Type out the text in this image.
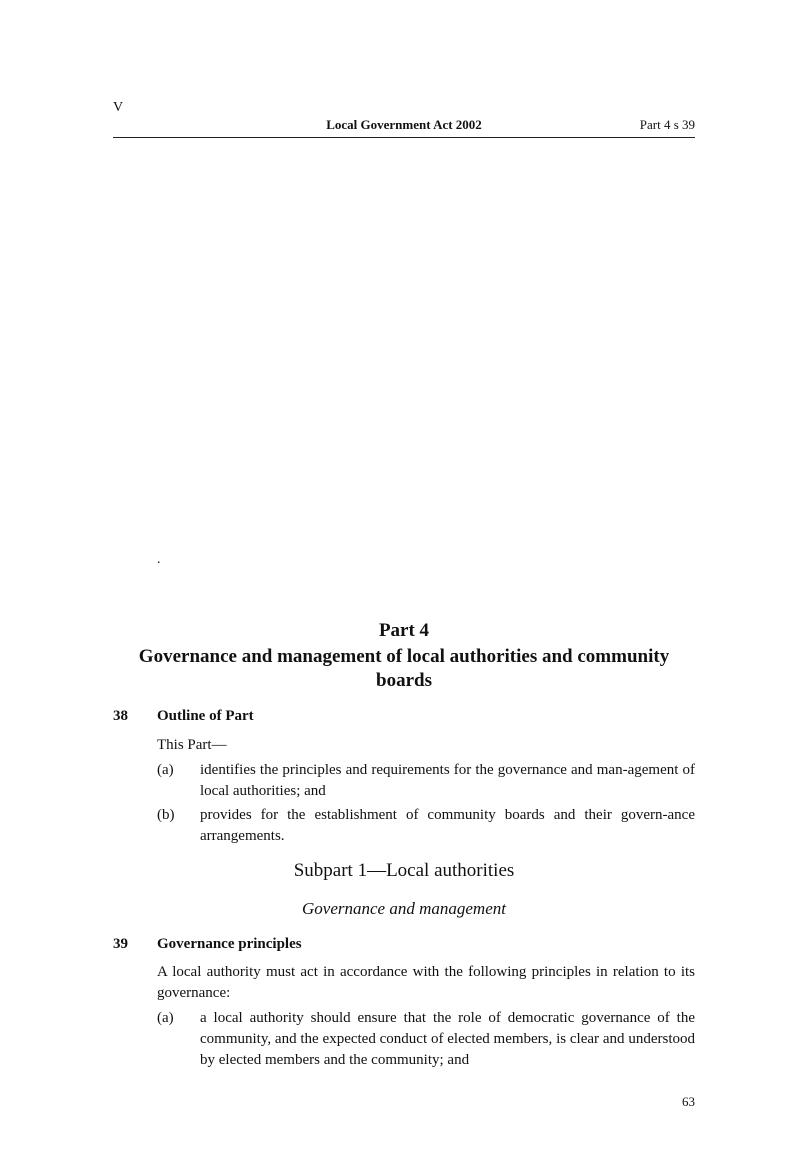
V
Local Government Act 2002	Part 4 s 39
.
Part 4
Governance and management of local authorities and community boards
38 Outline of Part
This Part—
(a) identifies the principles and requirements for the governance and man-agement of local authorities; and
(b) provides for the establishment of community boards and their govern-ance arrangements.
Subpart 1—Local authorities
Governance and management
39 Governance principles
A local authority must act in accordance with the following principles in relation to its governance:
(a) a local authority should ensure that the role of democratic governance of the community, and the expected conduct of elected members, is clear and understood by elected members and the community; and
63
